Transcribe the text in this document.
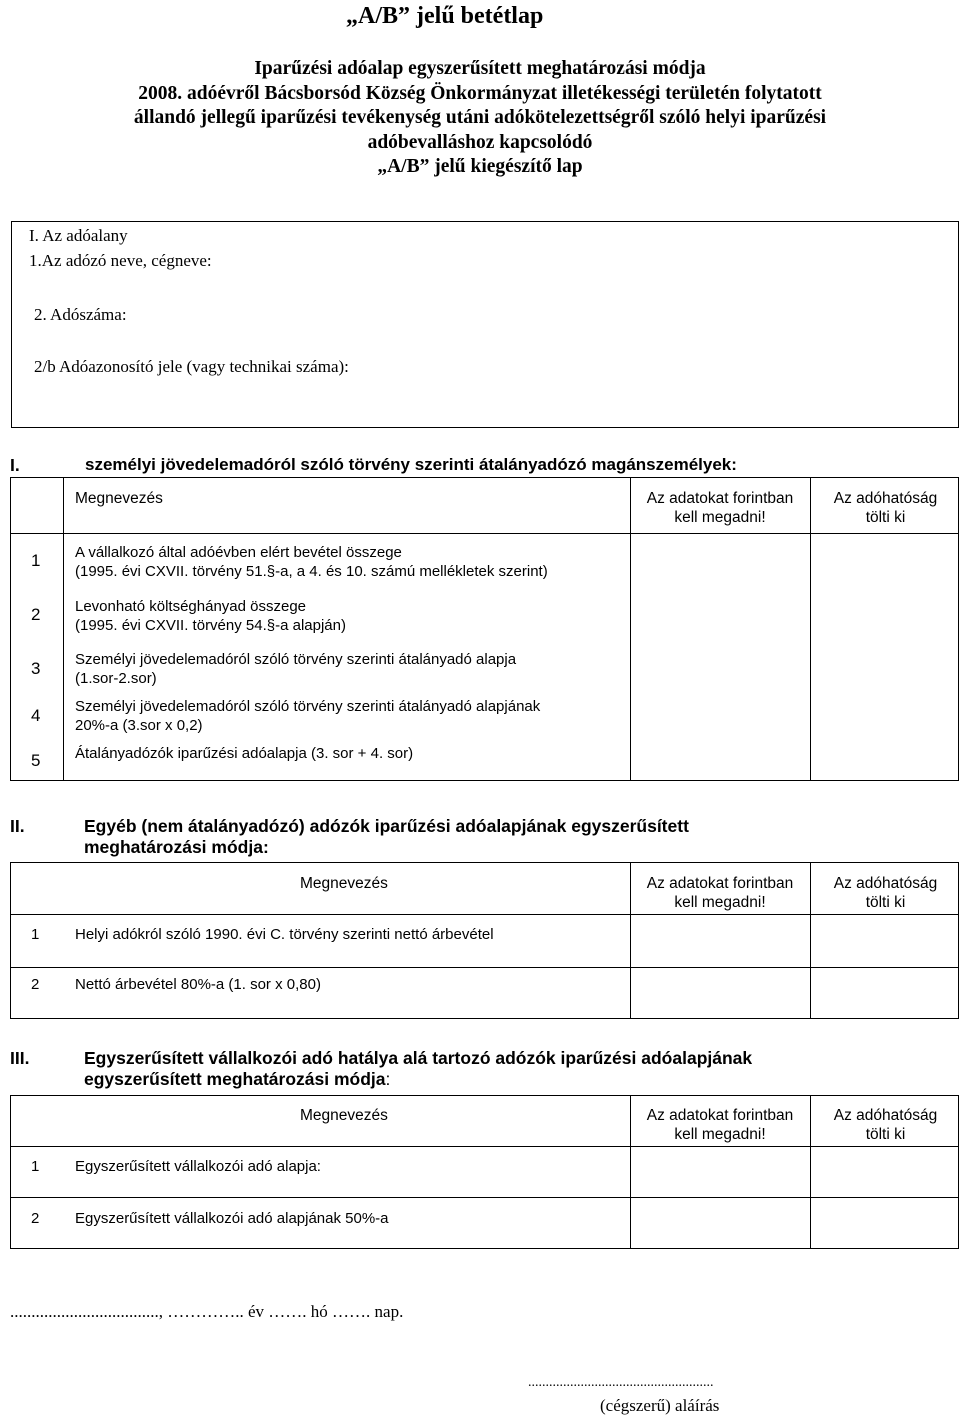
„A/B” jelű betétlap
Iparűzési adóalap egyszerűsített meghatározási módja
2008. adóévről Bácsborsód Község Önkormányzat illetékességi területén folytatott
állandó jellegű iparűzési tevékenység utáni adókötelezettségről szóló helyi iparűzési
adóbevalláshoz kapcsolódó
„A/B” jelű kiegészítő lap
I. Az adóalany
1.Az adózó neve, cégneve:
2. Adószáma:
2/b Adóazonosító jele (vagy technikai száma):
I.	személyi jövedelemadóról szóló törvény szerinti átalányadózó magánszemélyek:
Megnevezés	Az adatokat forintban
kell megadni!
Az adóhatóság
tölti ki
1 A vállalkozó által adóévben elért bevétel összege
(1995. évi CXVII. törvény 51.§-a, a 4. és 10. számú mellékletek szerint)
2 Levonható költséghányad összege
(1995. évi CXVII. törvény 54.§-a alapján)
3 Személyi jövedelemadóról szóló törvény szerinti átalányadó alapja
(1.sor-2.sor)
4 Személyi jövedelemadóról szóló törvény szerinti átalányadó alapjának
20%-a (3.sor x 0,2)
5 Átalányadózók iparűzési adóalapja (3. sor + 4. sor)
II.	Egyéb (nem átalányadózó) adózók iparűzési adóalapjának egyszerűsített
meghatározási módja:
Megnevezés	Az adatokat forintban
kell megadni!
Az adóhatóság
tölti ki
1 Helyi adókról szóló 1990. évi C. törvény szerinti nettó árbevétel
2 Nettó árbevétel 80%-a (1. sor x 0,80)
III.	Egyszerűsített vállalkozói adó hatálya alá tartozó adózók iparűzési adóalapjának
egyszerűsített meghatározási módja:
Megnevezés	Az adatokat forintban
kell megadni!
Az adóhatóság
tölti ki
1 Egyszerűsített vállalkozói adó alapja:
2 Egyszerűsített vállalkozói adó alapjának 50%-a
..................................., ………….. év ……. hó ……. nap.
.....................................................
(cégszerű) aláírás
